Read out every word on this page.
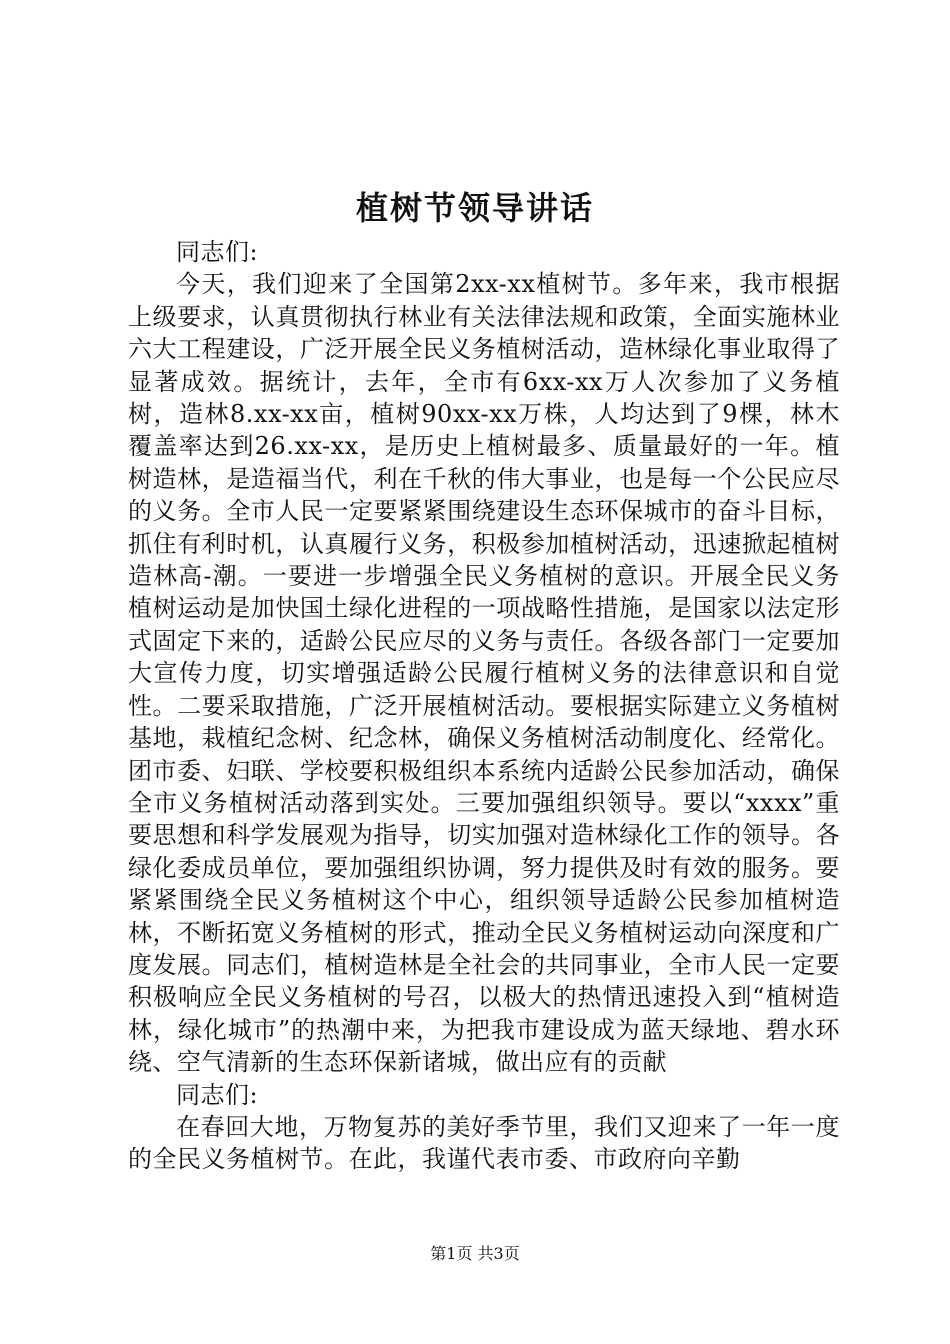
植树节领导讲话
同志们:
今天，我们迎来了全国第2xx-xx植树节。多年来，我市根据上级要求，认真贯彻执行林业有关法律法规和政策，全面实施林业六大工程建设，广泛开展全民义务植树活动，造林绿化事业取得了显著成效。据统计，去年，全市有6xx-xx万人次参加了义务植树，造林8.xx-xx亩，植树90xx-xx万株，人均达到了9棵，林木覆盖率达到26.xx-xx，是历史上植树最多、质量最好的一年。植树造林，是造福当代，利在千秋的伟大事业，也是每一个公民应尽的义务。全市人民一定要紧紧围绕建设生态环保城市的奋斗目标，抓住有利时机，认真履行义务，积极参加植树活动，迅速掀起植树造林高-潮。一要进一步增强全民义务植树的意识。开展全民义务植树运动是加快国土绿化进程的一项战略性措施，是国家以法定形式固定下来的，适龄公民应尽的义务与责任。各级各部门一定要加大宣传力度，切实增强适龄公民履行植树义务的法律意识和自觉性。二要采取措施，广泛开展植树活动。要根据实际建立义务植树基地，栽植纪念树、纪念林，确保义务植树活动制度化、经常化。团市委、妇联、学校要积极组织本系统内适龄公民参加活动，确保全市义务植树活动落到实处。三要加强组织领导。要以“xxxx”重要思想和科学发展观为指导，切实加强对造林绿化工作的领导。各绿化委成员单位，要加强组织协调，努力提供及时有效的服务。要紧紧围绕全民义务植树这个中心，组织领导适龄公民参加植树造林，不断拓宽义务植树的形式，推动全民义务植树运动向深度和广度发展。同志们，植树造林是全社会的共同事业，全市人民一定要积极响应全民义务植树的号召，以极大的热情迅速投入到“植树造林，绿化城市”的热潮中来，为把我市建设成为蓝天绿地、碧水环绕、空气清新的生态环保新诸城，做出应有的贡献
同志们:
在春回大地，万物复苏的美好季节里，我们又迎来了一年一度的全民义务植树节。在此，我谨代表市委、市政府向辛勤
第1页 共3页
